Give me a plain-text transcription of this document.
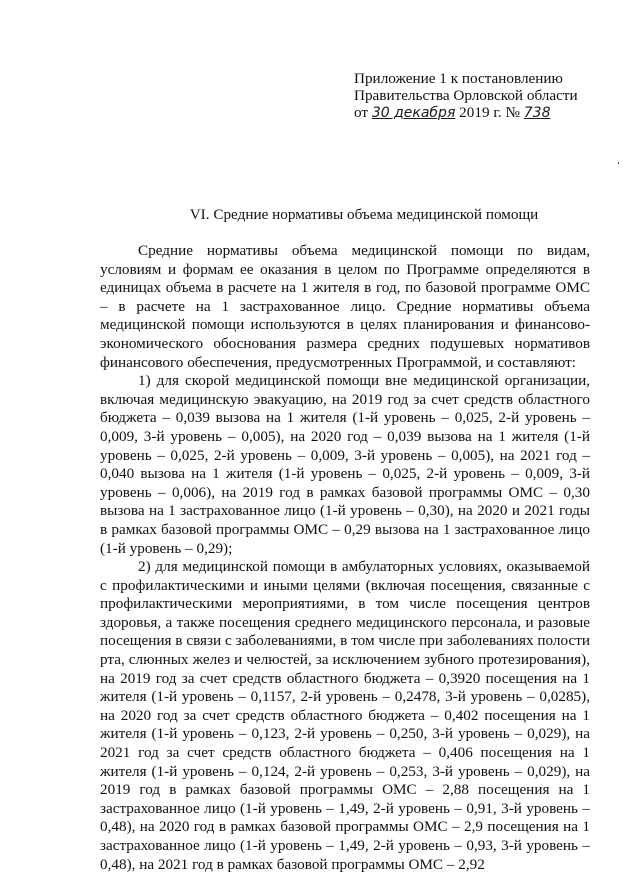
Приложение 1 к постановлению
Правительства Орловской области
от 30 декабря 2019 г. № 738
VI. Средние нормативы объема медицинской помощи

Средние нормативы объема медицинской помощи по видам, условиям и формам ее оказания в целом по Программе определяются в единицах объема в расчете на 1 жителя в год, по базовой программе ОМС – в расчете на 1 застрахованное лицо. Средние нормативы объема медицинской помощи используются в целях планирования и финансово-экономического обоснования размера средних подушевых нормативов финансового обеспечения, предусмотренных Программой, и составляют:

1) для скорой медицинской помощи вне медицинской организации, включая медицинскую эвакуацию, на 2019 год за счет средств областного бюджета – 0,039 вызова на 1 жителя (1-й уровень – 0,025, 2-й уровень – 0,009, 3-й уровень – 0,005), на 2020 год – 0,039 вызова на 1 жителя (1-й уровень – 0,025, 2-й уровень – 0,009, 3-й уровень – 0,005), на 2021 год – 0,040 вызова на 1 жителя (1-й уровень – 0,025, 2-й уровень – 0,009, 3-й уровень – 0,006), на 2019 год в рамках базовой программы ОМС – 0,30 вызова на 1 застрахованное лицо (1-й уровень – 0,30), на 2020 и 2021 годы в рамках базовой программы ОМС – 0,29 вызова на 1 застрахованное лицо (1-й уровень – 0,29);

2) для медицинской помощи в амбулаторных условиях, оказываемой с профилактическими и иными целями (включая посещения, связанные с профилактическими мероприятиями, в том числе посещения центров здоровья, а также посещения среднего медицинского персонала, и разовые посещения в связи с заболеваниями, в том числе при заболеваниях полости рта, слюнных желез и челюстей, за исключением зубного протезирования), на 2019 год за счет средств областного бюджета – 0,3920 посещения на 1 жителя (1-й уровень – 0,1157, 2-й уровень – 0,2478, 3-й уровень – 0,0285), на 2020 год за счет средств областного бюджета – 0,402 посещения на 1 жителя (1-й уровень – 0,123, 2-й уровень – 0,250, 3-й уровень – 0,029), на 2021 год за счет средств областного бюджета – 0,406 посещения на 1 жителя (1-й уровень – 0,124, 2-й уровень – 0,253, 3-й уровень – 0,029), на 2019 год в рамках базовой программы ОМС – 2,88 посещения на 1 застрахованное лицо (1-й уровень – 1,49, 2-й уровень – 0,91, 3-й уровень – 0,48), на 2020 год в рамках базовой программы ОМС – 2,9 посещения на 1 застрахованное лицо (1-й уровень – 1,49, 2-й уровень – 0,93, 3-й уровень – 0,48), на 2021 год в рамках базовой программы ОМС – 2,92
